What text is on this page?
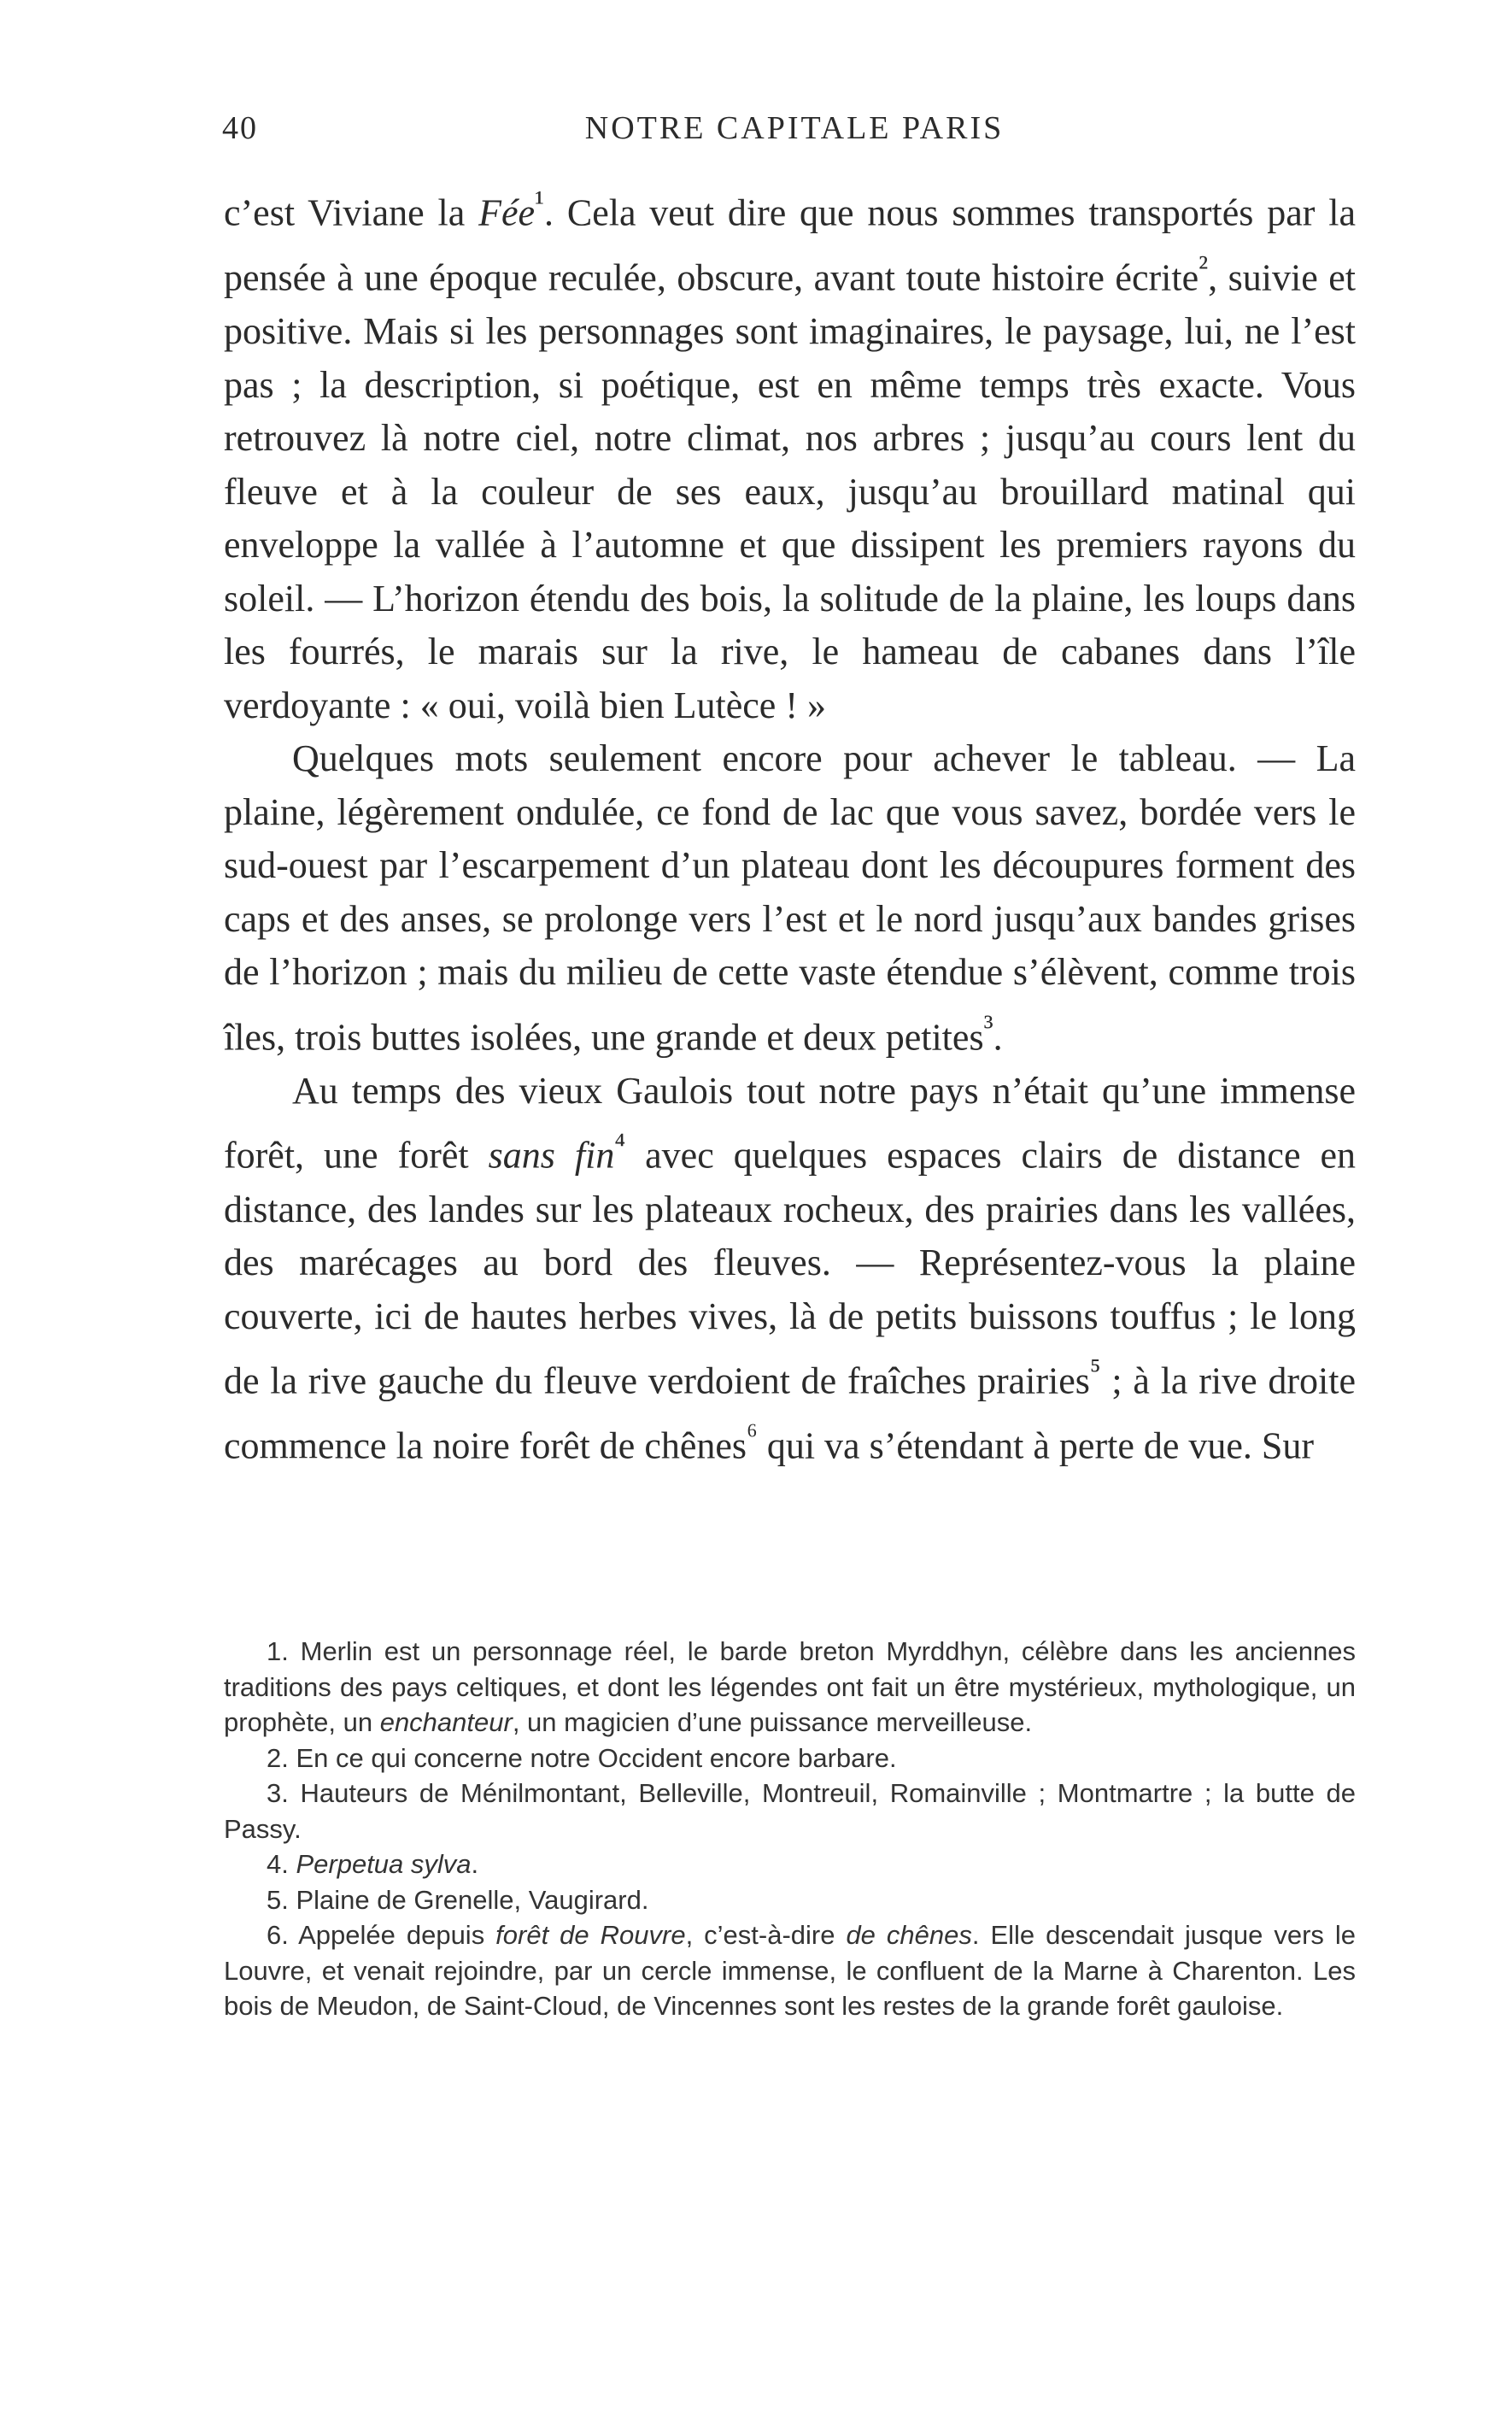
40	NOTRE CAPITALE PARIS

c’est Viviane la Fée$^{^1}$. Cela veut dire que nous sommes transportés par la pensée à une époque reculée, obscure, avant toute histoire écrite$^{^2}$, suivie et positive. Mais si les personnages sont imaginaires, le paysage, lui, ne l’est pas ; la description, si poétique, est en même temps très exacte. Vous retrouvez là notre ciel, notre climat, nos arbres ; jusqu’au cours lent du fleuve et à la couleur de ses eaux, jusqu’au brouillard matinal qui enveloppe la vallée à l’automne et que dissipent les premiers rayons du soleil. — L’horizon étendu des bois, la solitude de la plaine, les loups dans les fourrés, le marais sur la rive, le hameau de cabanes dans l’île verdoyante : « oui, voilà bien Lutèce ! »

Quelques mots seulement encore pour achever le tableau. — La plaine, légèrement ondulée, ce fond de lac que vous savez, bordée vers le sud-ouest par l’escarpement d’un plateau dont les découpures forment des caps et des anses, se prolonge vers l’est et le nord jusqu’aux bandes grises de l’horizon ; mais du milieu de cette vaste étendue s’élèvent, comme trois îles, trois buttes isolées, une grande et deux petites$^{^3}$.

Au temps des vieux Gaulois tout notre pays n’était qu’une immense forêt, une forêt sans fin$^{^4}$ avec quelques espaces clairs de distance en distance, des landes sur les plateaux rocheux, des prairies dans les vallées, des marécages au bord des fleuves. — Représentez-vous la plaine couverte, ici de hautes herbes vives, là de petits buissons touffus ; le long de la rive gauche du fleuve verdoient de fraîches prairies$^{^5}$ ; à la rive droite commence la noire forêt de chênes$^{^6}$ qui va s’étendant à perte de vue. Sur

1. Merlin est un personnage réel, le barde breton Myrddhyn, célèbre dans les anciennes traditions des pays celtiques, et dont les légendes ont fait un être mystérieux, mythologique, un prophète, un enchanteur, un magicien d’une puissance merveilleuse.

2. En ce qui concerne notre Occident encore barbare.

3. Hauteurs de Ménilmontant, Belleville, Montreuil, Romainville ; Montmartre ; la butte de Passy.

4. Perpetua sylva.

5. Plaine de Grenelle, Vaugirard.

6. Appelée depuis forêt de Rouvre, c’est-à-dire de chênes. Elle descendait jusque vers le Louvre, et venait rejoindre, par un cercle immense, le confluent de la Marne à Charenton. Les bois de Meudon, de Saint-Cloud, de Vincennes sont les restes de la grande forêt gauloise.
